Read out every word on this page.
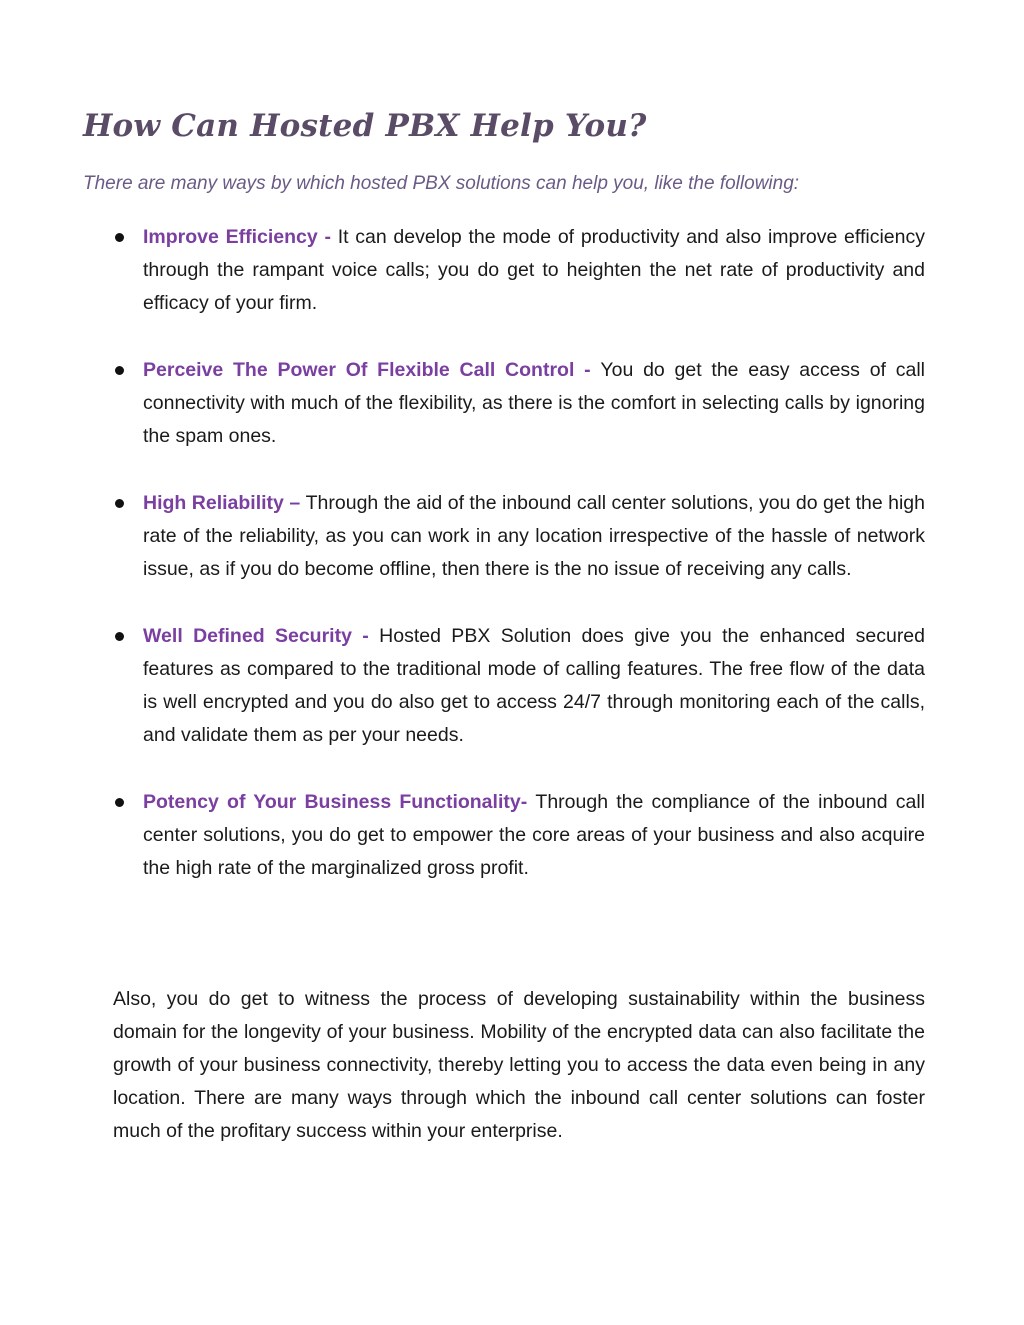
How Can Hosted PBX Help You?

There are many ways by which hosted PBX solutions can help you, like the following:

Improve Efficiency - It can develop the mode of productivity and also improve efficiency through the rampant voice calls; you do get to heighten the net rate of productivity and efficacy of your firm.
Perceive The Power Of Flexible Call Control - You do get the easy access of call connectivity with much of the flexibility, as there is the comfort in selecting calls by ignoring the spam ones.
High Reliability – Through the aid of the inbound call center solutions, you do get the high rate of the reliability, as you can work in any location irrespective of the hassle of network issue, as if you do become offline, then there is the no issue of receiving any calls.
Well Defined Security - Hosted PBX Solution does give you the enhanced secured features as compared to the traditional mode of calling features. The free flow of the data is well encrypted and you do also get to access 24/7 through monitoring each of the calls, and validate them as per your needs.
Potency of Your Business Functionality- Through the compliance of the inbound call center solutions, you do get to empower the core areas of your business and also acquire the high rate of the marginalized gross profit.

Also, you do get to witness the process of developing sustainability within the business domain for the longevity of your business. Mobility of the encrypted data can also facilitate the growth of your business connectivity, thereby letting you to access the data even being in any location. There are many ways through which the inbound call center solutions can foster much of the profitary success within your enterprise.
